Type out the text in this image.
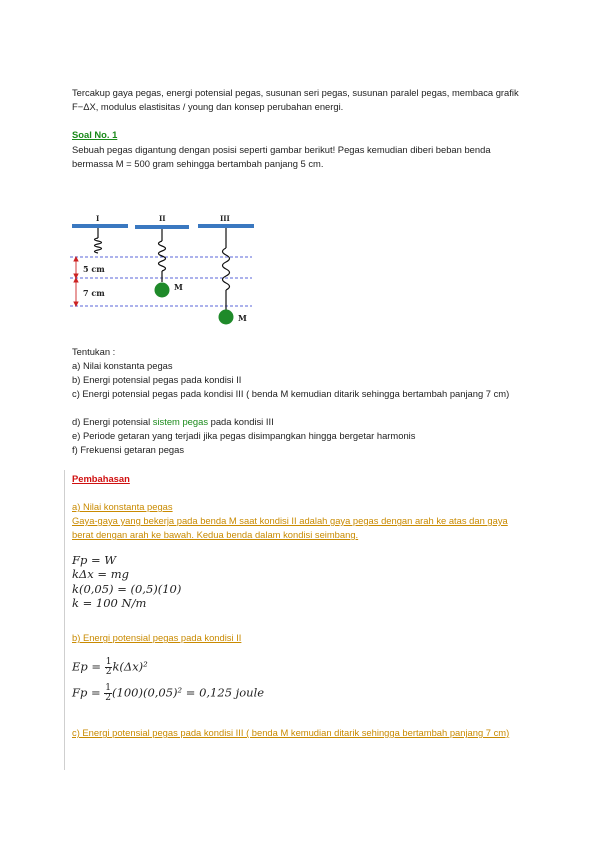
Tercakup gaya pegas, energi potensial pegas, susunan seri pegas, susunan paralel pegas, membaca grafik F−ΔX, modulus elastisitas / young dan konsep perubahan energi.
Soal No. 1
Sebuah pegas digantung dengan posisi seperti gambar berikut! Pegas kemudian diberi beban benda bermassa M = 500 gram sehingga bertambah panjang 5 cm.
5 cm
7 cm
I	II	III
M
M
Tentukan :
a) Nilai konstanta pegas
b) Energi potensial pegas pada kondisi II
c) Energi potensial pegas pada kondisi III ( benda M kemudian ditarik sehingga bertambah panjang 7 cm)
d) Energi potensial sistem pegas pada kondisi III
e) Periode getaran yang terjadi jika pegas disimpangkan hingga bergetar harmonis
f) Frekuensi getaran pegas
Pembahasan
a) Nilai konstanta pegas
Gaya-gaya yang bekerja pada benda M saat kondisi II adalah gaya pegas dengan arah ke atas dan gaya berat dengan arah ke bawah. Kedua benda dalam kondisi seimbang.
Fp = W
kΔx = mg
k(0,05) = (0,5)(10)
k = 100 N/m
b) Energi potensial pegas pada kondisi II
$Ep = \frac{1}{2} k(\Delta x)^2$
$Fp = \frac{1}{2} (100)(0,05)^2 = 0,125$ joule
c) Energi potensial pegas pada kondisi III ( benda M kemudian ditarik sehingga bertambah panjang 7 cm)
